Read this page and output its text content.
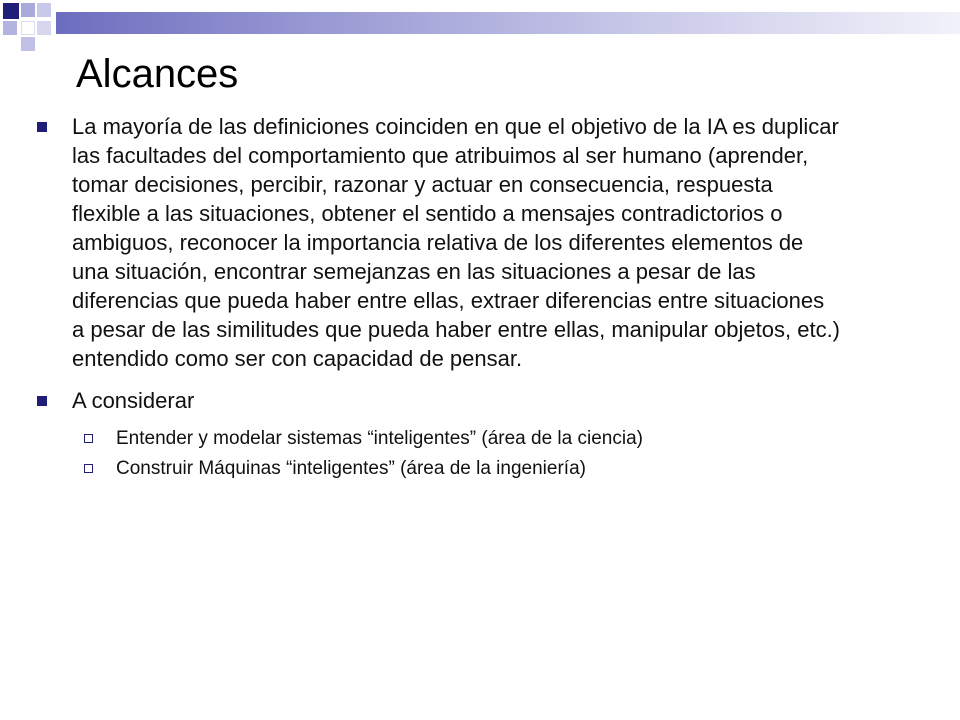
Alcances
La mayoría de las definiciones coinciden en que el objetivo de la IA es duplicar las facultades del comportamiento que atribuimos al ser humano (aprender, tomar decisiones, percibir, razonar y actuar en consecuencia, respuesta flexible a las situaciones, obtener el sentido a mensajes contradictorios o ambiguos, reconocer la importancia relativa de los diferentes elementos de una situación, encontrar semejanzas en las situaciones a pesar de las diferencias que pueda haber entre ellas, extraer diferencias entre situaciones a pesar de las similitudes que pueda haber entre ellas, manipular objetos, etc.) entendido como ser con capacidad de pensar.
A considerar
Entender y modelar sistemas “inteligentes” (área de la ciencia)
Construir Máquinas “inteligentes” (área de la ingeniería)
